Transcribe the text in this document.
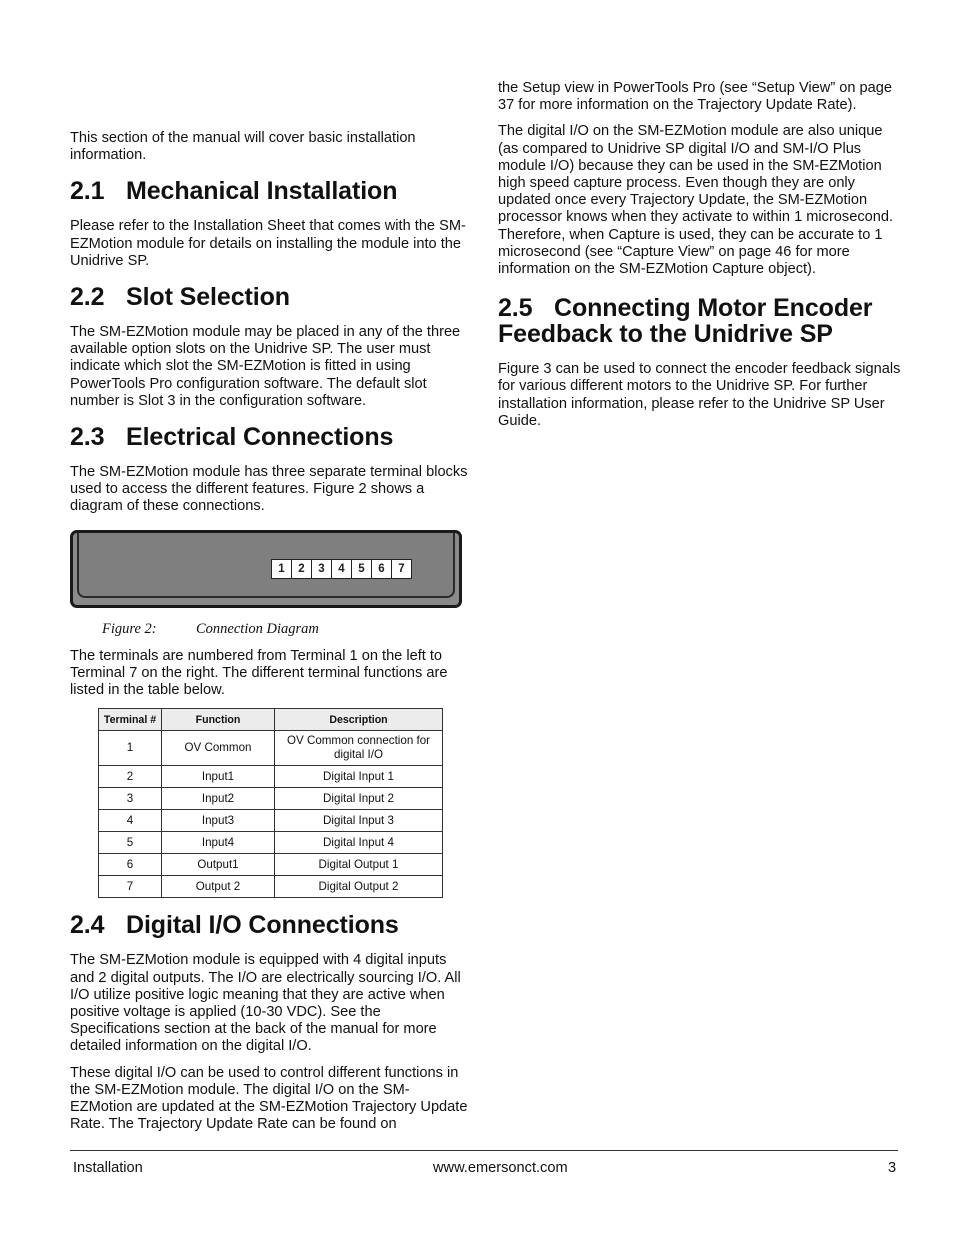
This section of the manual will cover basic installation information.

2.1 Mechanical Installation

Please refer to the Installation Sheet that comes with the SM-EZMotion module for details on installing the module into the Unidrive SP.

2.2 Slot Selection

The SM-EZMotion module may be placed in any of the three available option slots on the Unidrive SP. The user must indicate which slot the SM-EZMotion is fitted in using PowerTools Pro configuration software. The default slot number is Slot 3 in the configuration software.

2.3 Electrical Connections

The SM-EZMotion module has three separate terminal blocks used to access the different features. Figure 2 shows a diagram of these connections.

1	2	3	4	5	6	7
Figure 2:	Connection Diagram

The terminals are numbered from Terminal 1 on the left to Terminal 7 on the right. The different terminal functions are listed in the table below.

Terminal #	Function	Description
1	OV Common	OV Common connection for digital I/O
2	Input1	Digital Input 1
3	Input2	Digital Input 2
4	Input3	Digital Input 3
5	Input4	Digital Input 4
6	Output1	Digital Output 1
7	Output 2	Digital Output 2
2.4 Digital I/O Connections

The SM-EZMotion module is equipped with 4 digital inputs and 2 digital outputs. The I/O are electrically sourcing I/O. All I/O utilize positive logic meaning that they are active when positive voltage is applied (10-30 VDC). See the Specifications section at the back of the manual for more detailed information on the digital I/O.

These digital I/O can be used to control different functions in the SM-EZMotion module. The digital I/O on the SM-EZMotion are updated at the SM-EZMotion Trajectory Update Rate. The Trajectory Update Rate can be found on

the Setup view in PowerTools Pro (see “Setup View” on page 37 for more information on the Trajectory Update Rate).

The digital I/O on the SM-EZMotion module are also unique (as compared to Unidrive SP digital I/O and SM-I/O Plus module I/O) because they can be used in the SM-EZMotion high speed capture process. Even though they are only updated once every Trajectory Update, the SM-EZMotion processor knows when they activate to within 1 microsecond. Therefore, when Capture is used, they can be accurate to 1 microsecond (see “Capture View” on page 46 for more information on the SM-EZMotion Capture object).

2.5 Connecting Motor Encoder
Feedback to the Unidrive SP

Figure 3 can be used to connect the encoder feedback signals for various different motors to the Unidrive SP. For further installation information, please refer to the Unidrive SP User Guide.

Installation	www.emersonct.com	3
